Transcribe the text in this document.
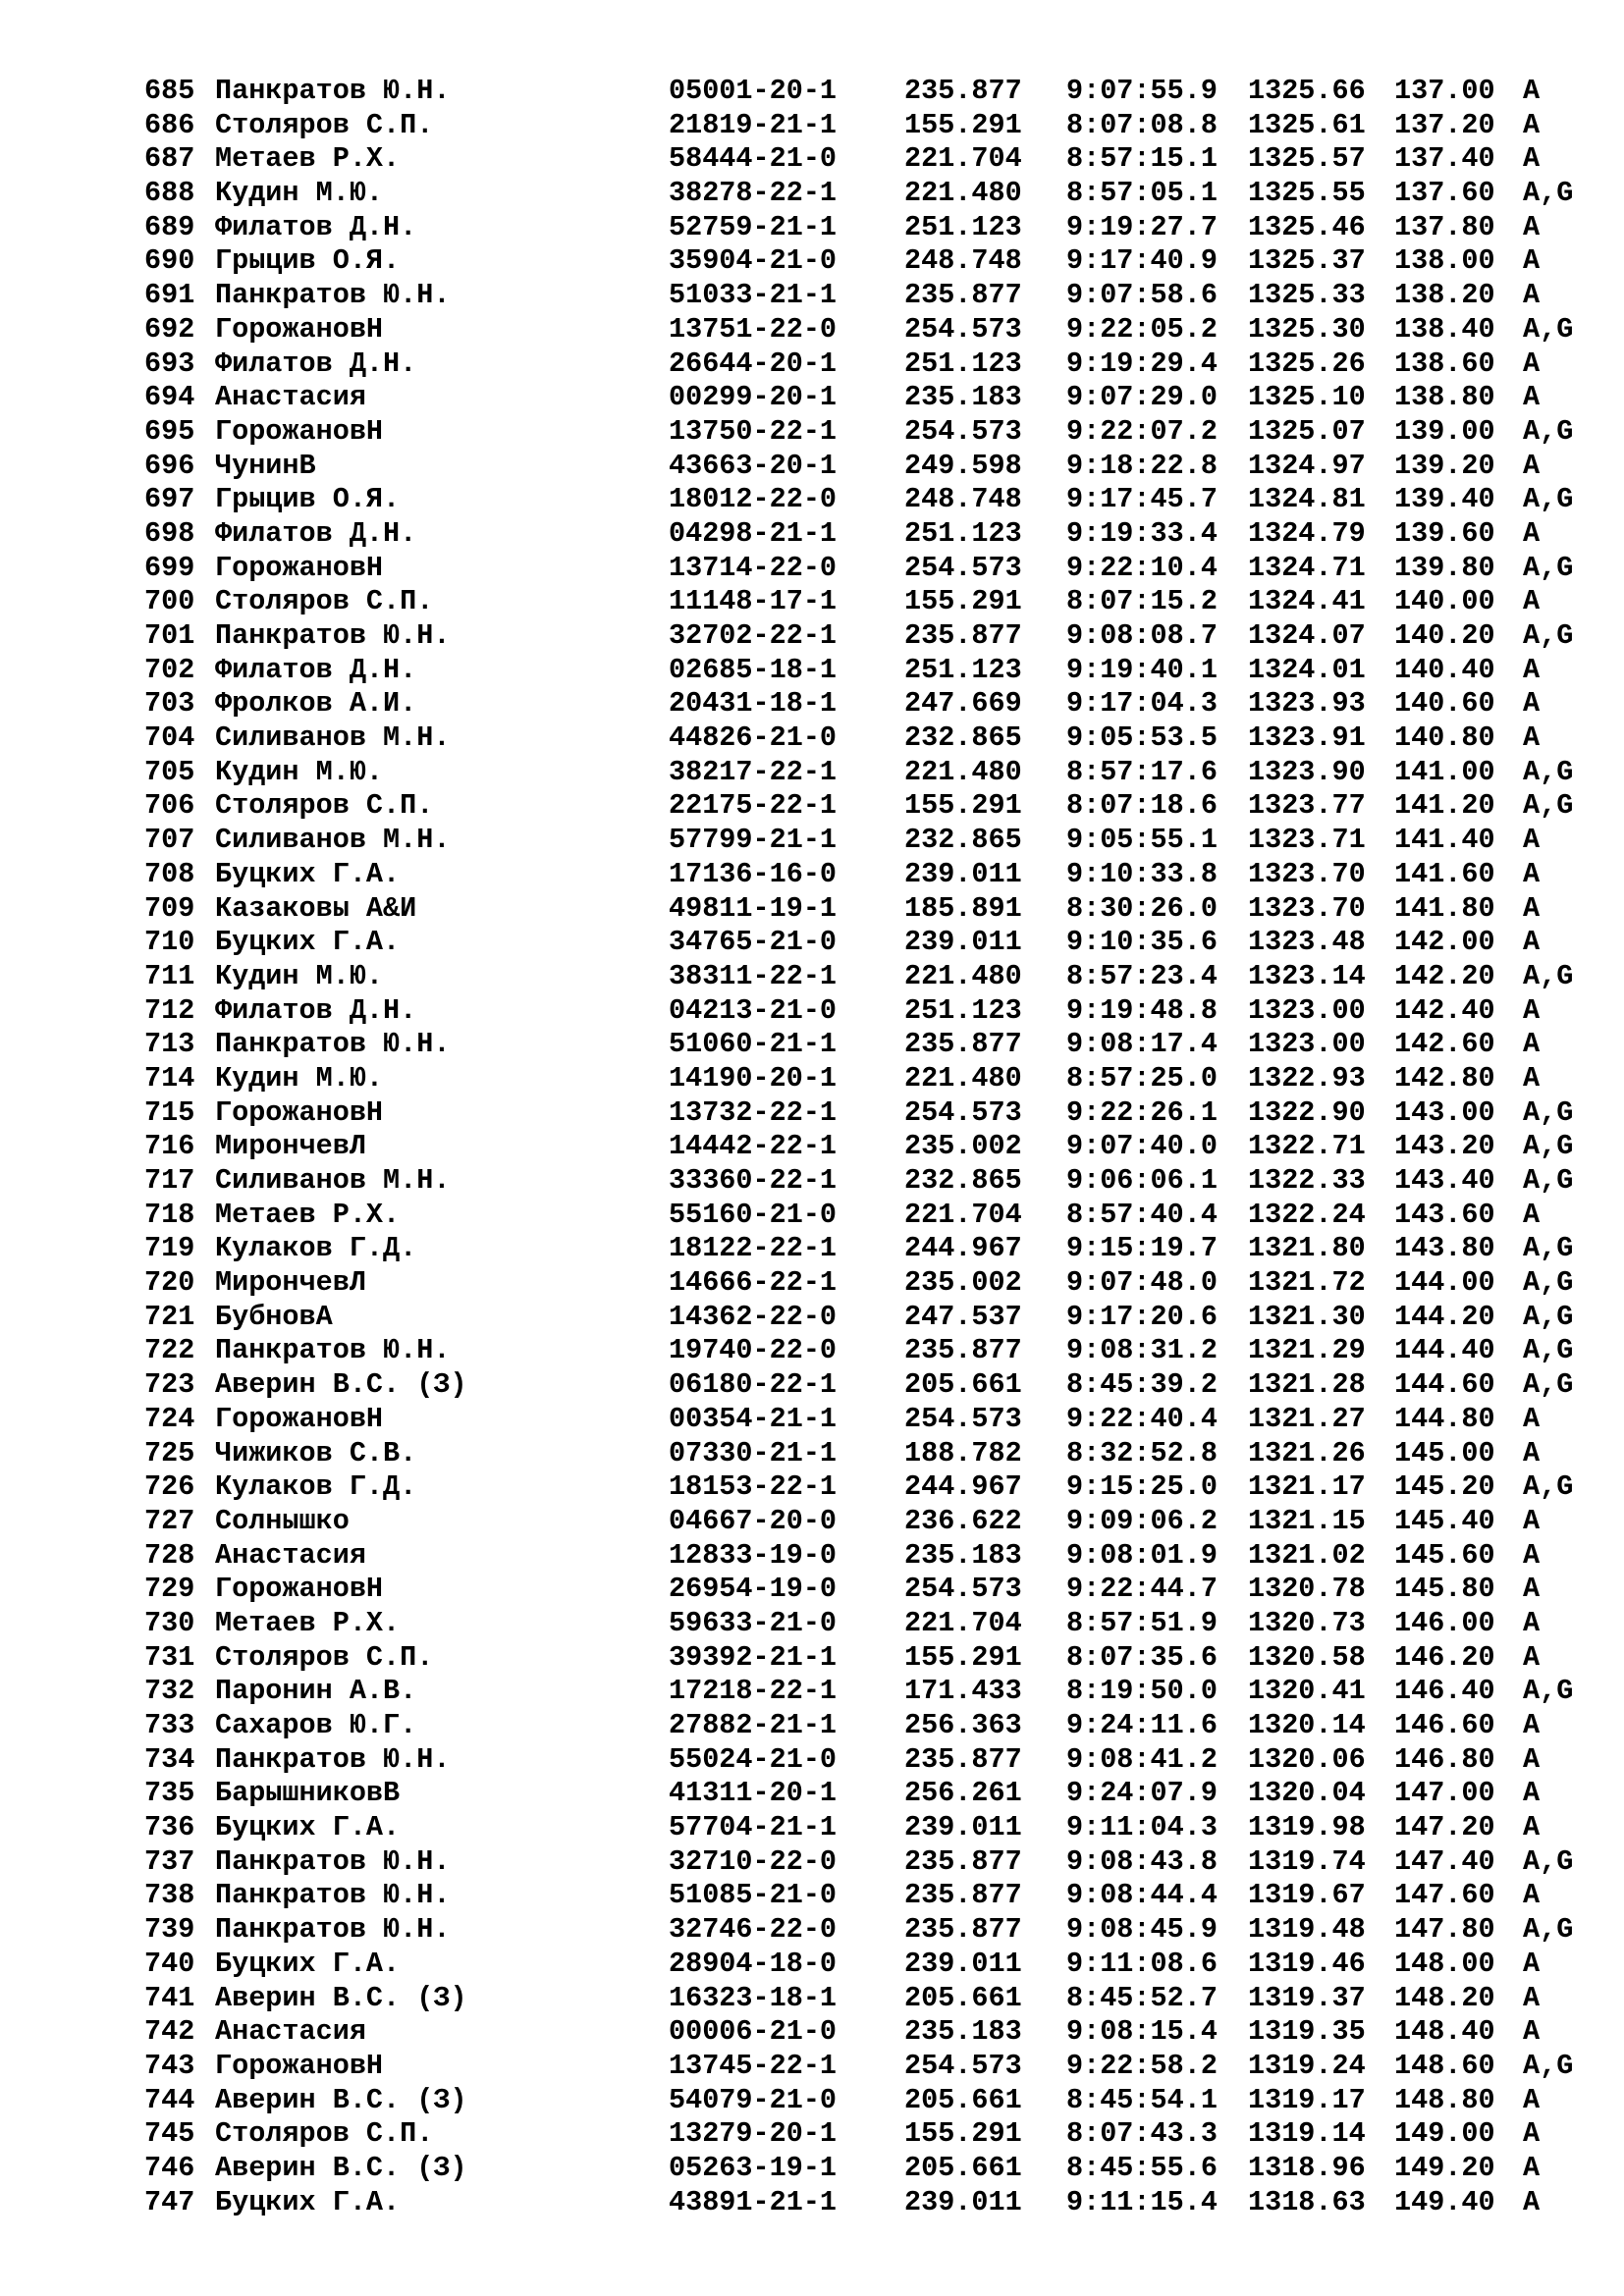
685 Панкратов Ю.Н.	05001-20-1	235.877	9:07:55.9	1325.66	137.00 A
686 Столяров С.П.	21819-21-1	155.291	8:07:08.8	1325.61	137.20 A
687 Метаев Р.Х.	58444-21-0	221.704	8:57:15.1	1325.57	137.40 A
688 Кудин М.Ю.	38278-22-1	221.480	8:57:05.1	1325.55	137.60 A,G
689 Филатов Д.Н.	52759-21-1	251.123	9:19:27.7	1325.46	137.80 A
690 Грыцив О.Я.	35904-21-0	248.748	9:17:40.9	1325.37	138.00 A
691 Панкратов Ю.Н.	51033-21-1	235.877	9:07:58.6	1325.33	138.20 A
692 ГорожановН	13751-22-0	254.573	9:22:05.2	1325.30	138.40 A,G
693 Филатов Д.Н.	26644-20-1	251.123	9:19:29.4	1325.26	138.60 A
694 Анастасия	00299-20-1	235.183	9:07:29.0	1325.10	138.80 A
695 ГорожановН	13750-22-1	254.573	9:22:07.2	1325.07	139.00 A,G
696 ЧунинВ	43663-20-1	249.598	9:18:22.8	1324.97	139.20 A
697 Грыцив О.Я.	18012-22-0	248.748	9:17:45.7	1324.81	139.40 A,G
698 Филатов Д.Н.	04298-21-1	251.123	9:19:33.4	1324.79	139.60 A
699 ГорожановН	13714-22-0	254.573	9:22:10.4	1324.71	139.80 A,G
700 Столяров С.П.	11148-17-1	155.291	8:07:15.2	1324.41	140.00 A
701 Панкратов Ю.Н.	32702-22-1	235.877	9:08:08.7	1324.07	140.20 A,G
702 Филатов Д.Н.	02685-18-1	251.123	9:19:40.1	1324.01	140.40 A
703 Фролков А.И.	20431-18-1	247.669	9:17:04.3	1323.93	140.60 A
704 Силиванов М.Н.	44826-21-0	232.865	9:05:53.5	1323.91	140.80 A
705 Кудин М.Ю.	38217-22-1	221.480	8:57:17.6	1323.90	141.00 A,G
706 Столяров С.П.	22175-22-1	155.291	8:07:18.6	1323.77	141.20 A,G
707 Силиванов М.Н.	57799-21-1	232.865	9:05:55.1	1323.71	141.40 A
708 Буцких Г.А.	17136-16-0	239.011	9:10:33.8	1323.70	141.60 A
709 Казаковы А&И	49811-19-1	185.891	8:30:26.0	1323.70	141.80 A
710 Буцких Г.А.	34765-21-0	239.011	9:10:35.6	1323.48	142.00 A
711 Кудин М.Ю.	38311-22-1	221.480	8:57:23.4	1323.14	142.20 A,G
712 Филатов Д.Н.	04213-21-0	251.123	9:19:48.8	1323.00	142.40 A
713 Панкратов Ю.Н.	51060-21-1	235.877	9:08:17.4	1323.00	142.60 A
714 Кудин М.Ю.	14190-20-1	221.480	8:57:25.0	1322.93	142.80 A
715 ГорожановН	13732-22-1	254.573	9:22:26.1	1322.90	143.00 A,G
716 МирончевЛ	14442-22-1	235.002	9:07:40.0	1322.71	143.20 A,G
717 Силиванов М.Н.	33360-22-1	232.865	9:06:06.1	1322.33	143.40 A,G
718 Метаев Р.Х.	55160-21-0	221.704	8:57:40.4	1322.24	143.60 A
719 Кулаков Г.Д.	18122-22-1	244.967	9:15:19.7	1321.80	143.80 A,G
720 МирончевЛ	14666-22-1	235.002	9:07:48.0	1321.72	144.00 A,G
721 БубновА	14362-22-0	247.537	9:17:20.6	1321.30	144.20 A,G
722 Панкратов Ю.Н.	19740-22-0	235.877	9:08:31.2	1321.29	144.40 A,G
723 Аверин В.С. (З)	06180-22-1	205.661	8:45:39.2	1321.28	144.60 A,G
724 ГорожановН	00354-21-1	254.573	9:22:40.4	1321.27	144.80 A
725 Чижиков С.В.	07330-21-1	188.782	8:32:52.8	1321.26	145.00 A
726 Кулаков Г.Д.	18153-22-1	244.967	9:15:25.0	1321.17	145.20 A,G
727 Солнышко	04667-20-0	236.622	9:09:06.2	1321.15	145.40 A
728 Анастасия	12833-19-0	235.183	9:08:01.9	1321.02	145.60 A
729 ГорожановН	26954-19-0	254.573	9:22:44.7	1320.78	145.80 A
730 Метаев Р.Х.	59633-21-0	221.704	8:57:51.9	1320.73	146.00 A
731 Столяров С.П.	39392-21-1	155.291	8:07:35.6	1320.58	146.20 A
732 Паронин А.В.	17218-22-1	171.433	8:19:50.0	1320.41	146.40 A,G
733 Сахаров Ю.Г.	27882-21-1	256.363	9:24:11.6	1320.14	146.60 A
734 Панкратов Ю.Н.	55024-21-0	235.877	9:08:41.2	1320.06	146.80 A
735 БарышниковВ	41311-20-1	256.261	9:24:07.9	1320.04	147.00 A
736 Буцких Г.А.	57704-21-1	239.011	9:11:04.3	1319.98	147.20 A
737 Панкратов Ю.Н.	32710-22-0	235.877	9:08:43.8	1319.74	147.40 A,G
738 Панкратов Ю.Н.	51085-21-0	235.877	9:08:44.4	1319.67	147.60 A
739 Панкратов Ю.Н.	32746-22-0	235.877	9:08:45.9	1319.48	147.80 A,G
740 Буцких Г.А.	28904-18-0	239.011	9:11:08.6	1319.46	148.00 A
741 Аверин В.С. (З)	16323-18-1	205.661	8:45:52.7	1319.37	148.20 A
742 Анастасия	00006-21-0	235.183	9:08:15.4	1319.35	148.40 A
743 ГорожановН	13745-22-1	254.573	9:22:58.2	1319.24	148.60 A,G
744 Аверин В.С. (З)	54079-21-0	205.661	8:45:54.1	1319.17	148.80 A
745 Столяров С.П.	13279-20-1	155.291	8:07:43.3	1319.14	149.00 A
746 Аверин В.С. (З)	05263-19-1	205.661	8:45:55.6	1318.96	149.20 A
747 Буцких Г.А.	43891-21-1	239.011	9:11:15.4	1318.63	149.40 A
